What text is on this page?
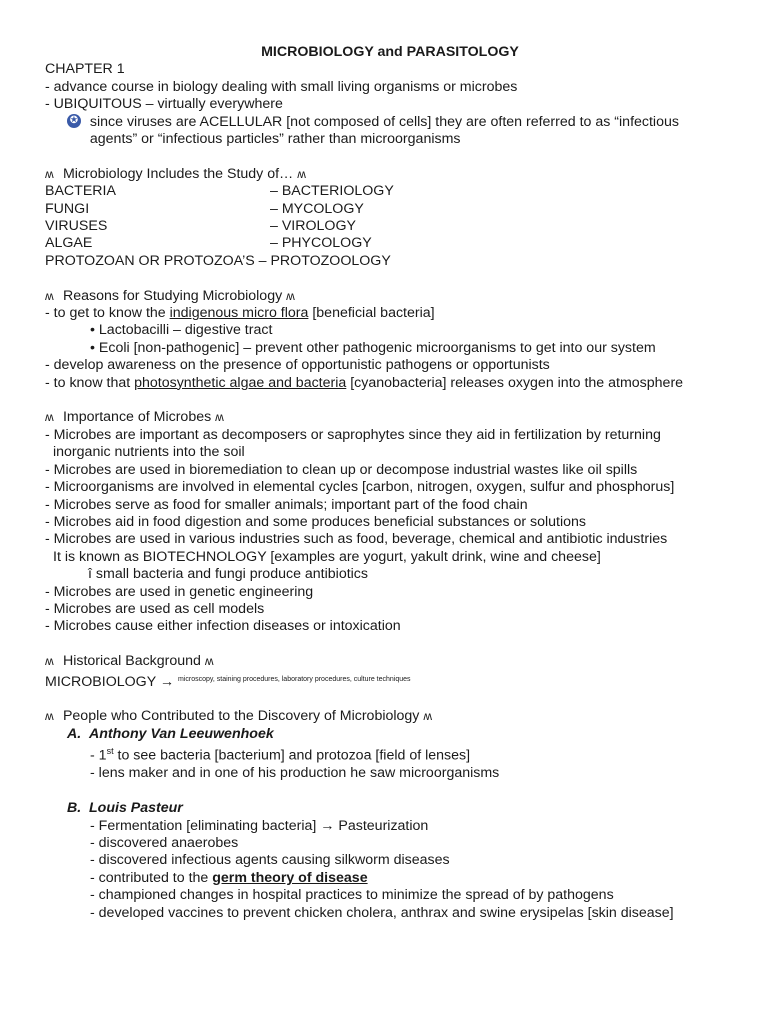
MICROBIOLOGY and PARASITOLOGY
CHAPTER 1
- advance course in biology dealing with small living organisms or microbes
- UBIQUITOUS – virtually everywhere
✪ since viruses are ACELLULAR [not composed of cells] they are often referred to as “infectious
agents” or “infectious particles” rather than microorganisms
ʍ Microbiology Includes the Study of… ʍ
BACTERIA	– BACTERIOLOGY
FUNGI	– MYCOLOGY
VIRUSES	– VIROLOGY
ALGAE	– PHYCOLOGY
PROTOZOAN OR PROTOZOA’S – PROTOZOOLOGY
ʍ Reasons for Studying Microbiology ʍ
- to get to know the indigenous micro flora [beneficial bacteria]
• Lactobacilli – digestive tract
• Ecoli [non-pathogenic] – prevent other pathogenic microorganisms to get into our system
- develop awareness on the presence of opportunistic pathogens or opportunists
- to know that photosynthetic algae and bacteria [cyanobacteria] releases oxygen into the atmosphere
ʍ Importance of Microbes ʍ
- Microbes are important as decomposers or saprophytes since they aid in fertilization by returning
inorganic nutrients into the soil
- Microbes are used in bioremediation to clean up or decompose industrial wastes like oil spills
- Microorganisms are involved in elemental cycles [carbon, nitrogen, oxygen, sulfur and phosphorus]
- Microbes serve as food for smaller animals; important part of the food chain
- Microbes aid in food digestion and some produces beneficial substances or solutions
- Microbes are used in various industries such as food, beverage, chemical and antibiotic industries
It is known as BIOTECHNOLOGY [examples are yogurt, yakult drink, wine and cheese]
î small bacteria and fungi produce antibiotics
- Microbes are used in genetic engineering
- Microbes are used as cell models
- Microbes cause either infection diseases or intoxication
ʍ Historical Background ʍ
MICROBIOLOGY → $^{microscopy, staining procedures, laboratory procedures, culture techniques}$
ʍ People who Contributed to the Discovery of Microbiology ʍ
A. Anthony Van Leeuwenhoek
- 1st to see bacteria [bacterium] and protozoa [field of lenses]
- lens maker and in one of his production he saw microorganisms
B. Louis Pasteur
- Fermentation [eliminating bacteria] → Pasteurization
- discovered anaerobes
- discovered infectious agents causing silkworm diseases
- contributed to the germ theory of disease
- championed changes in hospital practices to minimize the spread of by pathogens
- developed vaccines to prevent chicken cholera, anthrax and swine erysipelas [skin disease]
